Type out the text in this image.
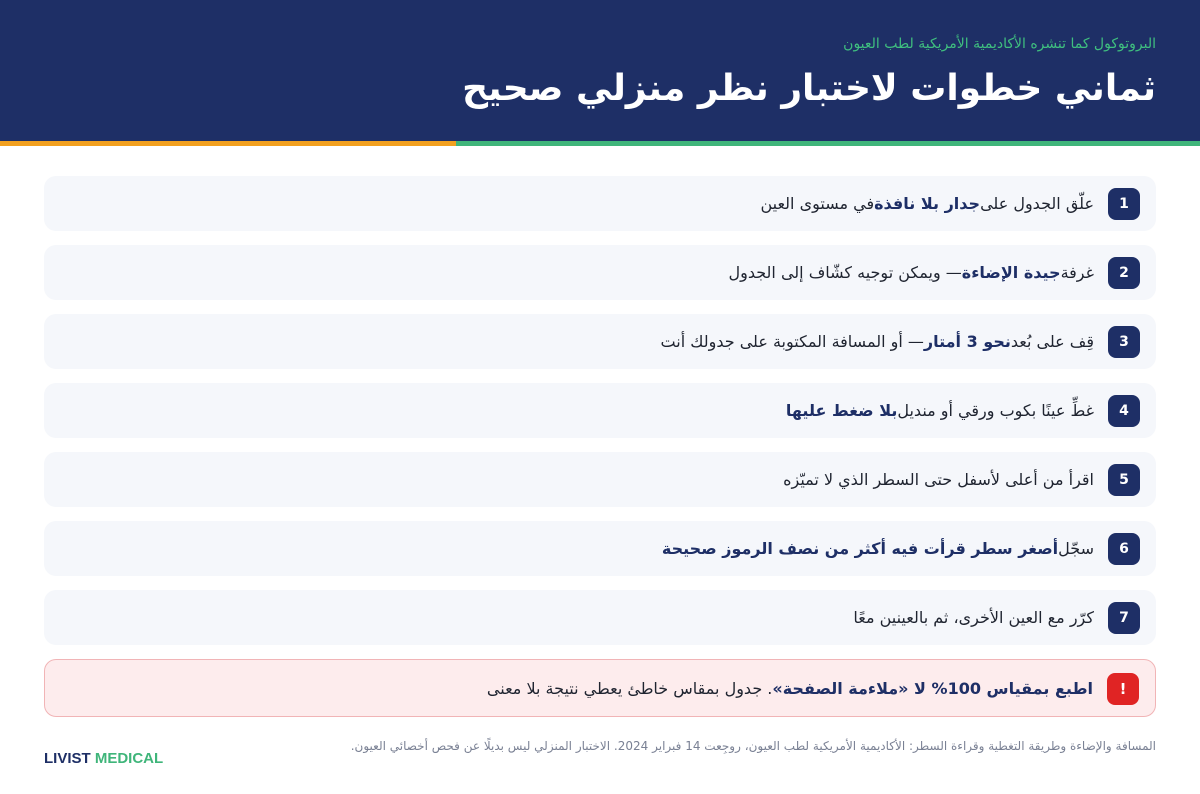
البروتوكول كما تنشره الأكاديمية الأمريكية لطب العيون
ثماني خطوات لاختبار نظر منزلي صحيح
1
علّق الجدول على
جدار بلا نافذة
في مستوى العين
2
غرفة
جيدة الإضاءة
— ويمكن توجيه كشّاف إلى الجدول
3
قِف على بُعد
نحو 3 أمتار
— أو المسافة المكتوبة على جدولك أنت
4
غطِّ عينًا بكوب ورقي أو منديل
بلا ضغط عليها
5
اقرأ من أعلى لأسفل حتى السطر الذي لا تميّزه
6
سجّل
أصغر سطر قرأت فيه أكثر من نصف الرموز صحيحة
7
كرّر مع العين الأخرى، ثم بالعينين معًا
!
اطبع بمقياس 100% لا «ملاءمة الصفحة»
. جدول بمقاس خاطئ يعطي نتيجة بلا معنى

المسافة والإضاءة وطريقة التغطية وقراءة السطر: الأكاديمية الأمريكية لطب العيون، روجِعت 14 فبراير 2024. الاختبار المنزلي ليس بديلًا عن فحص أخصائي العيون.

LIVIST MEDICAL
